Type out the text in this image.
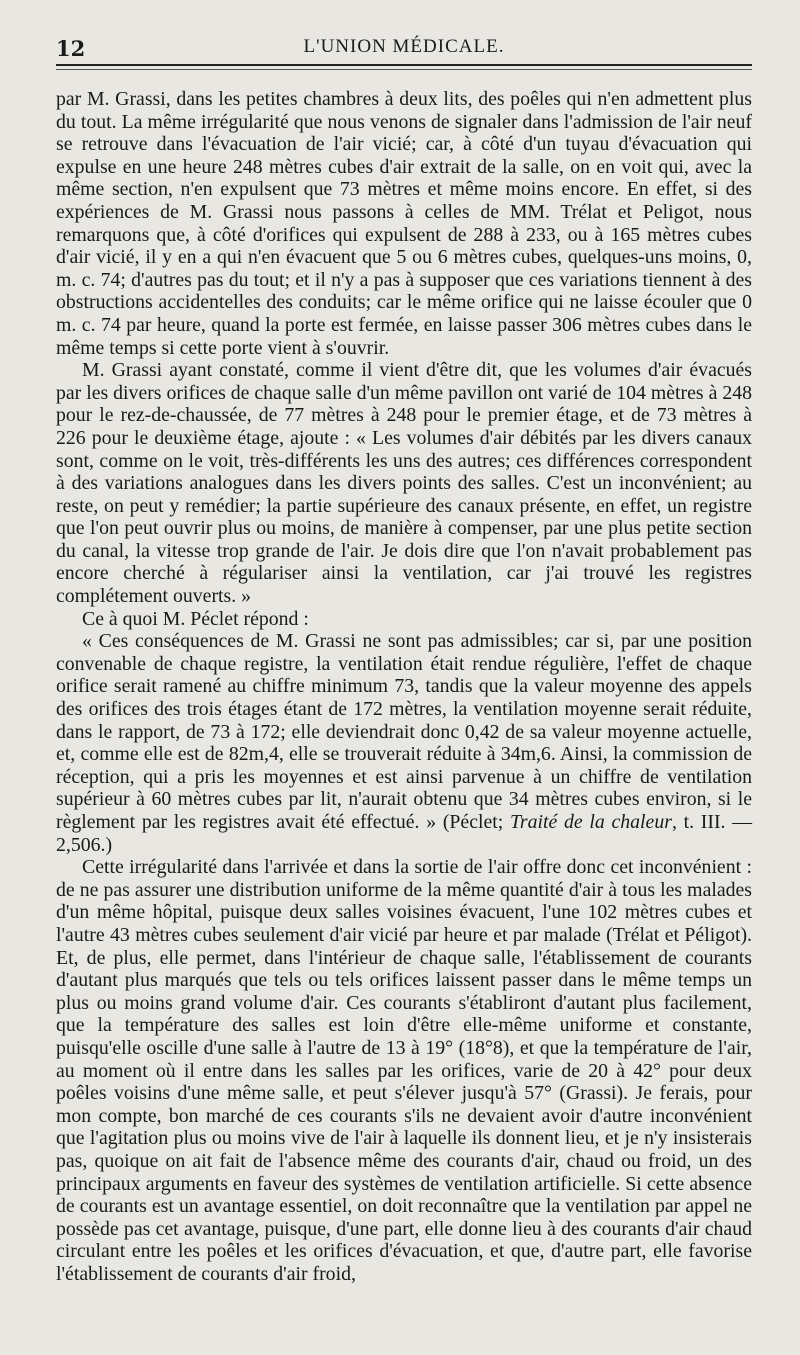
12	L'UNION MÉDICALE.

par M. Grassi, dans les petites chambres à deux lits, des poêles qui n'en admettent plus du tout. La même irrégularité que nous venons de signaler dans l'admission de l'air neuf se retrouve dans l'évacuation de l'air vicié; car, à côté d'un tuyau d'évacuation qui expulse en une heure 248 mètres cubes d'air extrait de la salle, on en voit qui, avec la même section, n'en expulsent que 73 mètres et même moins encore. En effet, si des expériences de M. Grassi nous passons à celles de MM. Trélat et Peligot, nous remarquons que, à côté d'orifices qui expulsent de 288 à 233, ou à 165 mètres cubes d'air vicié, il y en a qui n'en évacuent que 5 ou 6 mètres cubes, quelques-uns moins, 0, m. c. 74; d'autres pas du tout; et il n'y a pas à supposer que ces variations tiennent à des obstructions accidentelles des conduits; car le même orifice qui ne laisse écouler que 0 m. c. 74 par heure, quand la porte est fermée, en laisse passer 306 mètres cubes dans le même temps si cette porte vient à s'ouvrir.

M. Grassi ayant constaté, comme il vient d'être dit, que les volumes d'air évacués par les divers orifices de chaque salle d'un même pavillon ont varié de 104 mètres à 248 pour le rez-de-chaussée, de 77 mètres à 248 pour le premier étage, et de 73 mètres à 226 pour le deuxième étage, ajoute : « Les volumes d'air débités par les divers canaux sont, comme on le voit, très-différents les uns des autres; ces différences correspondent à des variations analogues dans les divers points des salles. C'est un inconvénient; au reste, on peut y remédier; la partie supérieure des canaux présente, en effet, un registre que l'on peut ouvrir plus ou moins, de manière à compenser, par une plus petite section du canal, la vitesse trop grande de l'air. Je dois dire que l'on n'avait probablement pas encore cherché à régulariser ainsi la ventilation, car j'ai trouvé les registres complétement ouverts. »

Ce à quoi M. Péclet répond :

« Ces conséquences de M. Grassi ne sont pas admissibles; car si, par une position convenable de chaque registre, la ventilation était rendue régulière, l'effet de chaque orifice serait ramené au chiffre minimum 73, tandis que la valeur moyenne des appels des orifices des trois étages étant de 172 mètres, la ventilation moyenne serait réduite, dans le rapport, de 73 à 172; elle deviendrait donc 0,42 de sa valeur moyenne actuelle, et, comme elle est de 82m,4, elle se trouverait réduite à 34m,6. Ainsi, la commission de réception, qui a pris les moyennes et est ainsi parvenue à un chiffre de ventilation supérieur à 60 mètres cubes par lit, n'aurait obtenu que 34 mètres cubes environ, si le règlement par les registres avait été effectué. » (Péclet; Traité de la chaleur, t. III. — 2,506.)

Cette irrégularité dans l'arrivée et dans la sortie de l'air offre donc cet inconvénient : de ne pas assurer une distribution uniforme de la même quantité d'air à tous les malades d'un même hôpital, puisque deux salles voisines évacuent, l'une 102 mètres cubes et l'autre 43 mètres cubes seulement d'air vicié par heure et par malade (Trélat et Péligot). Et, de plus, elle permet, dans l'intérieur de chaque salle, l'établissement de courants d'autant plus marqués que tels ou tels orifices laissent passer dans le même temps un plus ou moins grand volume d'air. Ces courants s'établiront d'autant plus facilement, que la température des salles est loin d'être elle-même uniforme et constante, puisqu'elle oscille d'une salle à l'autre de 13 à 19° (18°8), et que la température de l'air, au moment où il entre dans les salles par les orifices, varie de 20 à 42° pour deux poêles voisins d'une même salle, et peut s'élever jusqu'à 57° (Grassi). Je ferais, pour mon compte, bon marché de ces courants s'ils ne devaient avoir d'autre inconvénient que l'agitation plus ou moins vive de l'air à laquelle ils donnent lieu, et je n'y insisterais pas, quoique on ait fait de l'absence même des courants d'air, chaud ou froid, un des principaux arguments en faveur des systèmes de ventilation artificielle. Si cette absence de courants est un avantage essentiel, on doit reconnaître que la ventilation par appel ne possède pas cet avantage, puisque, d'une part, elle donne lieu à des courants d'air chaud circulant entre les poêles et les orifices d'évacuation, et que, d'autre part, elle favorise l'établissement de courants d'air froid,
